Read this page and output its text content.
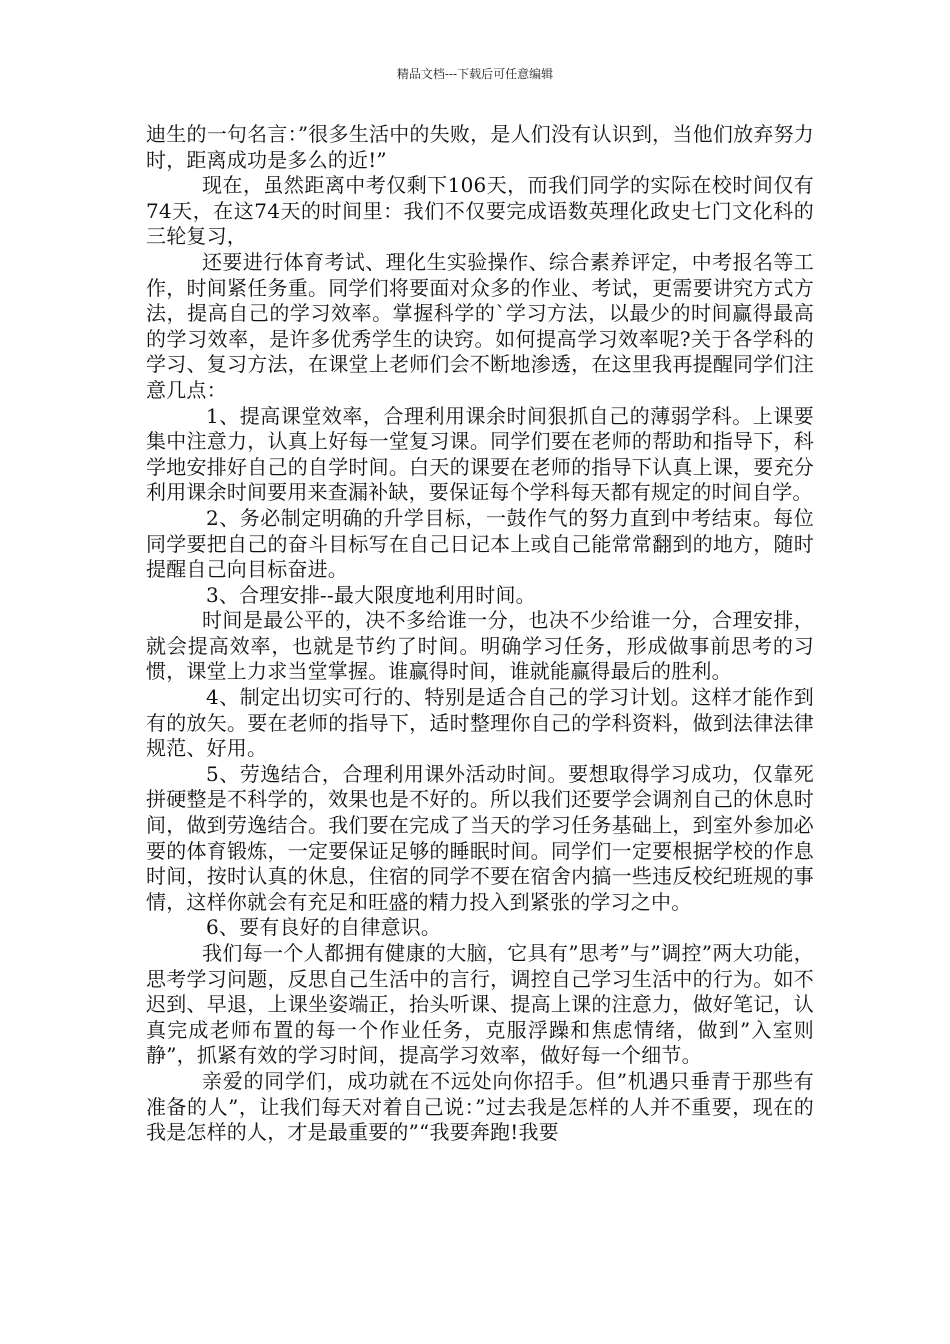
精品文档---下载后可任意编辑

迪生的一句名言：”很多生活中的失败，是人们没有认识到，当他们放弃努力时，距离成功是多么的近!”

现在，虽然距离中考仅剩下106天，而我们同学的实际在校时间仅有74天，在这74天的时间里：我们不仅要完成语数英理化政史七门文化科的三轮复习，

还要进行体育考试、理化生实验操作、综合素养评定，中考报名等工作，时间紧任务重。同学们将要面对众多的作业、考试，更需要讲究方式方法，提高自己的学习效率。掌握科学的`学习方法，以最少的时间赢得最高的学习效率，是许多优秀学生的诀窍。如何提高学习效率呢?关于各学科的学习、复习方法，在课堂上老师们会不断地渗透，在这里我再提醒同学们注意几点：

1、提高课堂效率，合理利用课余时间狠抓自己的薄弱学科。上课要集中注意力，认真上好每一堂复习课。同学们要在老师的帮助和指导下，科学地安排好自己的自学时间。白天的课要在老师的指导下认真上课，要充分利用课余时间要用来查漏补缺，要保证每个学科每天都有规定的时间自学。

2、务必制定明确的升学目标，一鼓作气的努力直到中考结束。每位同学要把自己的奋斗目标写在自己日记本上或自己能常常翻到的地方，随时提醒自己向目标奋进。

3、合理安排--最大限度地利用时间。

时间是最公平的，决不多给谁一分，也决不少给谁一分，合理安排，就会提高效率，也就是节约了时间。明确学习任务，形成做事前思考的习惯，课堂上力求当堂掌握。谁赢得时间，谁就能赢得最后的胜利。

4、制定出切实可行的、特别是适合自己的学习计划。这样才能作到有的放矢。要在老师的指导下，适时整理你自己的学科资料，做到法律法律规范、好用。

5、劳逸结合，合理利用课外活动时间。要想取得学习成功，仅靠死拼硬整是不科学的，效果也是不好的。所以我们还要学会调剂自己的休息时间，做到劳逸结合。我们要在完成了当天的学习任务基础上，到室外参加必要的体育锻炼，一定要保证足够的睡眠时间。同学们一定要根据学校的作息时间，按时认真的休息，住宿的同学不要在宿舍内搞一些违反校纪班规的事情，这样你就会有充足和旺盛的精力投入到紧张的学习之中。

6、要有良好的自律意识。

我们每一个人都拥有健康的大脑，它具有”思考”与”调控”两大功能，思考学习问题，反思自己生活中的言行，调控自己学习生活中的行为。如不迟到、早退，上课坐姿端正，抬头听课、提高上课的注意力，做好笔记，认真完成老师布置的每一个作业任务，克服浮躁和焦虑情绪，做到”入室则静”，抓紧有效的学习时间，提高学习效率，做好每一个细节。

亲爱的同学们，成功就在不远处向你招手。但”机遇只垂青于那些有准备的人”，让我们每天对着自己说：”过去我是怎样的人并不重要，现在的我是怎样的人，才是最重要的”“我要奔跑!我要
